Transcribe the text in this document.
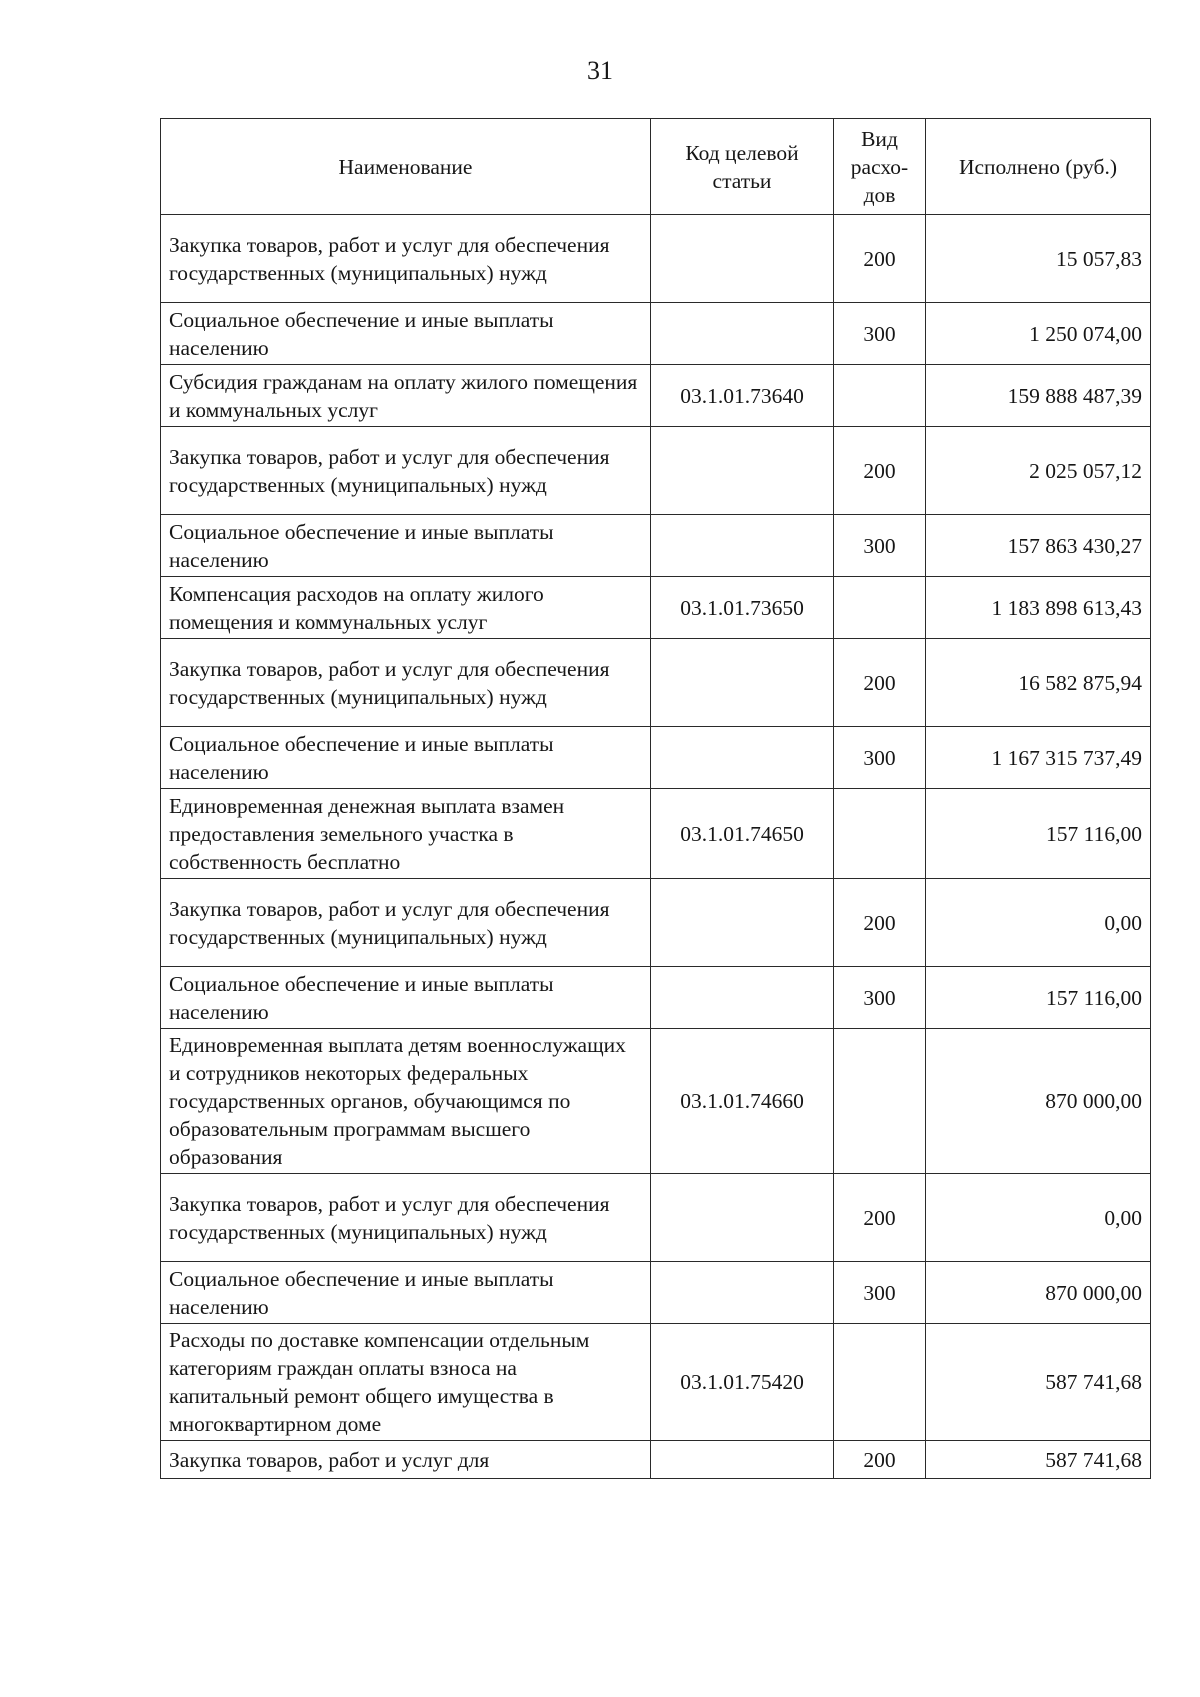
31
Наименование	Код целевой статьи	Вид расхо- дов	Исполнено (руб.)
Закупка товаров, работ и услуг для обеспечения государственных (муниципальных) нужд		200	15 057,83
Социальное обеспечение и иные выплаты населению		300	1 250 074,00
Субсидия гражданам на оплату жилого помещения и коммунальных услуг	03.1.01.73640		159 888 487,39
Закупка товаров, работ и услуг для обеспечения государственных (муниципальных) нужд		200	2 025 057,12
Социальное обеспечение и иные выплаты населению		300	157 863 430,27
Компенсация расходов на оплату жилого помещения и коммунальных услуг	03.1.01.73650		1 183 898 613,43
Закупка товаров, работ и услуг для обеспечения государственных (муниципальных) нужд		200	16 582 875,94
Социальное обеспечение и иные выплаты населению		300	1 167 315 737,49
Единовременная денежная выплата взамен предоставления земельного участка в собственность бесплатно	03.1.01.74650		157 116,00
Закупка товаров, работ и услуг для обеспечения государственных (муниципальных) нужд		200	0,00
Социальное обеспечение и иные выплаты населению		300	157 116,00
Единовременная выплата детям военнослужащих и сотрудников некоторых федеральных государственных органов, обучающимся по образовательным программам высшего образования	03.1.01.74660		870 000,00
Закупка товаров, работ и услуг для обеспечения государственных (муниципальных) нужд		200	0,00
Социальное обеспечение и иные выплаты населению		300	870 000,00
Расходы по доставке компенсации отдельным категориям граждан оплаты взноса на капитальный ремонт общего имущества в многоквартирном доме	03.1.01.75420		587 741,68
Закупка товаров, работ и услуг для		200	587 741,68
